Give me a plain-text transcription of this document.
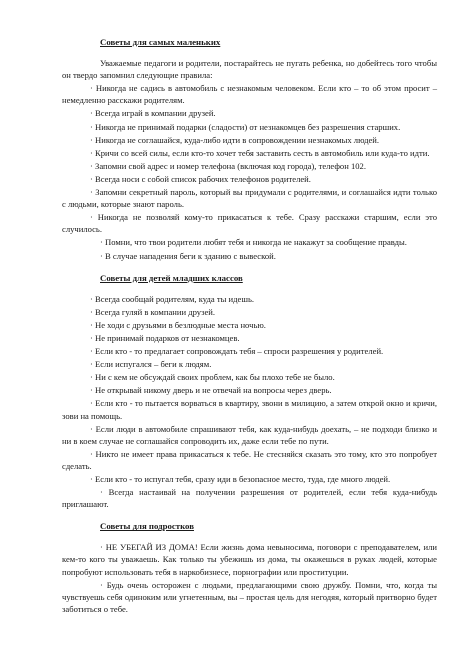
Советы для самых маленьких

Уважаемые педагоги и родители, постарайтесь не пугать ребенка, но добейтесь того чтобы он твердо запомнил следующие правила:

· Никогда не садись в автомобиль с незнакомым человеком. Если кто – то об этом просит – немедленно расскажи родителям.

· Всегда играй в компании друзей.

· Никогда не принимай подарки (сладости) от незнакомцев без разрешения старших.

· Никогда не соглашайся, куда-либо идти в сопровождении незнакомых людей.

· Кричи со всей силы, если кто-то хочет тебя заставить сесть в автомобиль или куда-то идти.

· Запомни свой адрес и номер телефона (включая код города), телефон 102.

· Всегда носи с собой список рабочих телефонов родителей.

· Запомни секретный пароль, который вы придумали с родителями, и соглашайся идти только с людьми, которые знают пароль.

· Никогда не позволяй кому-то прикасаться к тебе. Сразу расскажи старшим, если это случилось.

· Помни, что твои родители любят тебя и никогда не накажут за сообщение правды.

· В случае нападения беги к зданию с вывеской.

Советы для детей младших классов

· Всегда сообщай родителям, куда ты идешь.

· Всегда гуляй в компании друзей.

· Не ходи с друзьями в безлюдные места ночью.

· Не принимай подарков от незнакомцев.

· Если кто - то предлагает сопровождать тебя – спроси разрешения у родителей.

· Если испугался – беги к людям.

· Ни с кем не обсуждай своих проблем, как бы плохо тебе не было.

· Не открывай никому дверь и не отвечай на вопросы через дверь.

· Если кто - то пытается ворваться в квартиру, звони в милицию, а затем открой окно и кричи, зови на помощь.

· Если люди в автомобиле спрашивают тебя, как куда-нибудь доехать, – не подходи близко и ни в коем случае не соглашайся сопроводить их, даже если тебе по пути.

· Никто не имеет права прикасаться к тебе. Не стесняйся сказать это тому, кто это попробует сделать.

· Если кто - то испугал тебя, сразу иди в безопасное место, туда, где много людей.

· Всегда настаивай на получении разрешения от родителей, если тебя куда-нибудь приглашают.

Советы для подростков

· НЕ УБЕГАЙ ИЗ ДОМА! Если жизнь дома невыносима, поговори с преподавателем, или кем-то кого ты уважаешь. Как только ты убежишь из дома, ты окажешься в руках людей, которые попробуют использовать тебя в наркобизнесе, порнографии или проституции.

· Будь очень осторожен с людьми, предлагающими свою дружбу. Помни, что, когда ты чувствуешь себя одиноким или угнетенным, вы – простая цель для негодяя, который притворно будет заботиться о тебе.
